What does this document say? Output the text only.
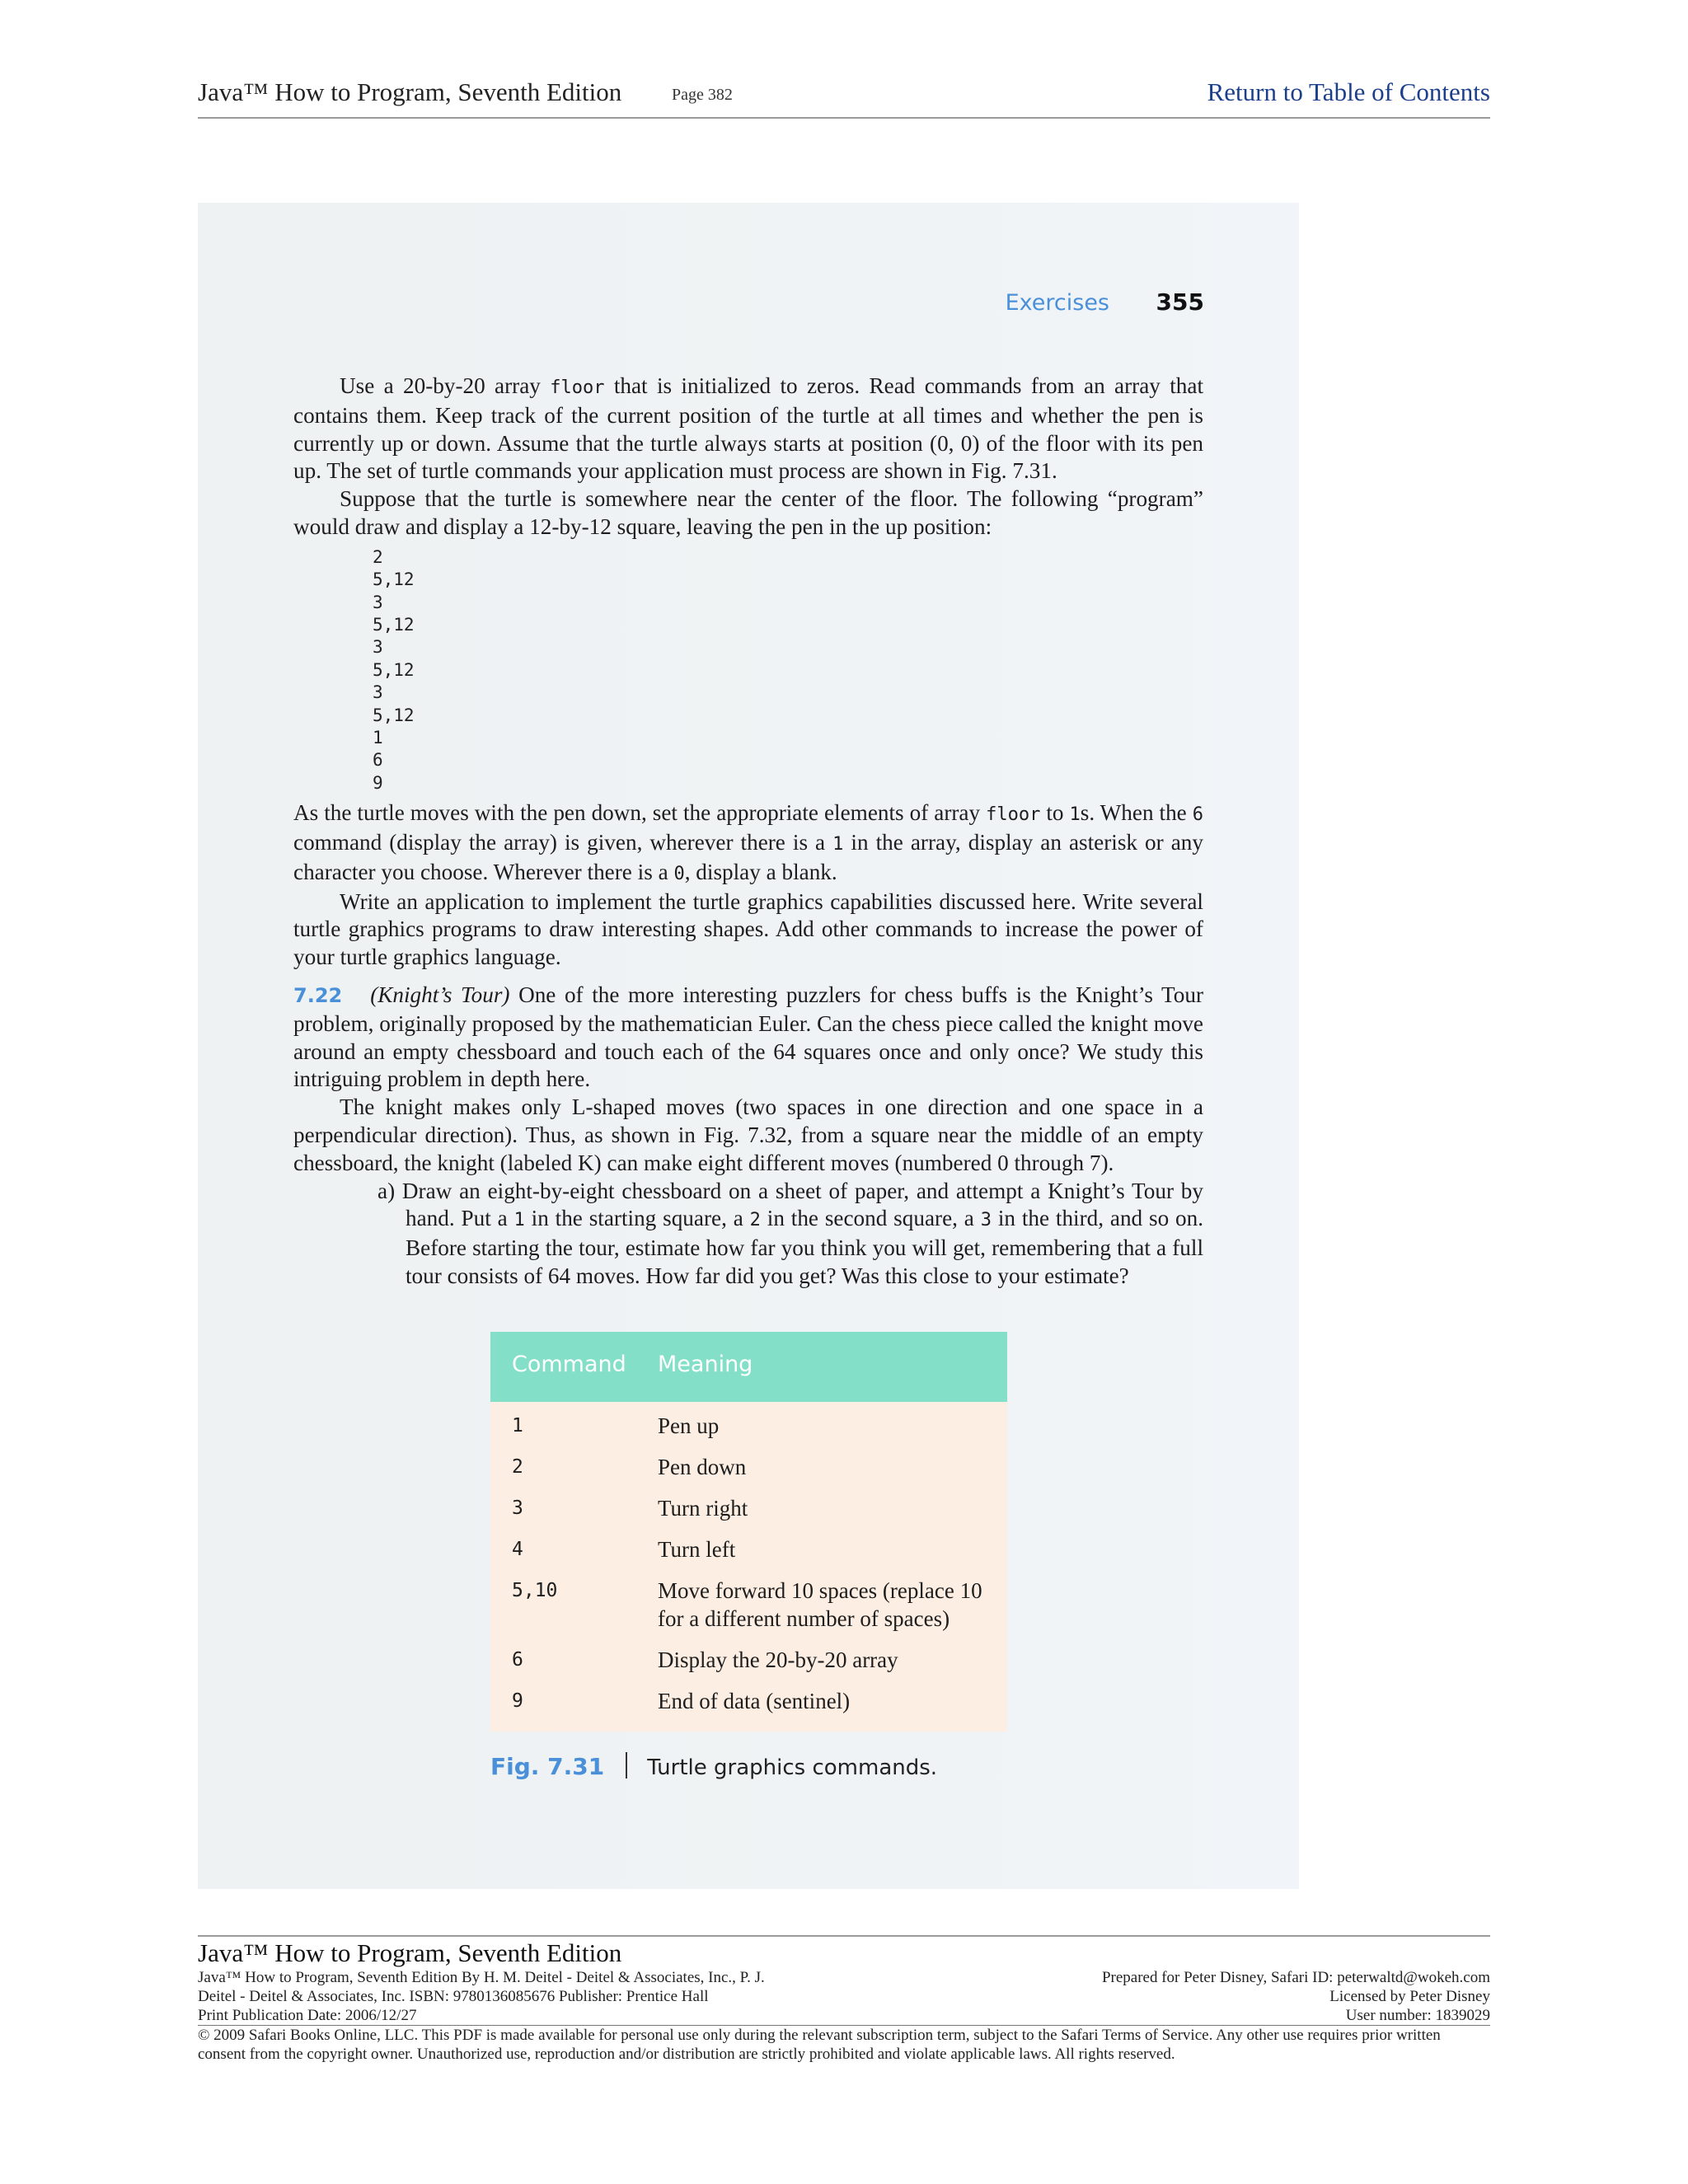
Java™ How to Program, Seventh Edition	Page 382	Return to Table of Contents
Exercises 355

Use a 20-by-20 array floor that is initialized to zeros. Read commands from an array that contains them. Keep track of the current position of the turtle at all times and whether the pen is currently up or down. Assume that the turtle always starts at position (0, 0) of the floor with its pen up. The set of turtle commands your application must process are shown in Fig. 7.31.

Suppose that the turtle is somewhere near the center of the floor. The following “program” would draw and display a 12-by-12 square, leaving the pen in the up position:

2
5,12
3
5,12
3
5,12
3
5,12
1
6
9

As the turtle moves with the pen down, set the appropriate elements of array floor to 1s. When the 6 command (display the array) is given, wherever there is a 1 in the array, display an asterisk or any character you choose. Wherever there is a 0, display a blank.

Write an application to implement the turtle graphics capabilities discussed here. Write several turtle graphics programs to draw interesting shapes. Add other commands to increase the power of your turtle graphics language.

7.22 (Knight’s Tour) One of the more interesting puzzlers for chess buffs is the Knight’s Tour problem, originally proposed by the mathematician Euler. Can the chess piece called the knight move around an empty chessboard and touch each of the 64 squares once and only once? We study this intriguing problem in depth here.

The knight makes only L-shaped moves (two spaces in one direction and one space in a perpendicular direction). Thus, as shown in Fig. 7.32, from a square near the middle of an empty chessboard, the knight (labeled K) can make eight different moves (numbered 0 through 7).

a) Draw an eight-by-eight chessboard on a sheet of paper, and attempt a Knight’s Tour by hand. Put a 1 in the starting square, a 2 in the second square, a 3 in the third, and so on. Before starting the tour, estimate how far you think you will get, remembering that a full tour consists of 64 moves. How far did you get? Was this close to your estimate?

Command Meaning
1	Pen up
2	Pen down
3	Turn right
4	Turn left
5,10	Move forward 10 spaces (replace 10 for a different number of spaces)
6	Display the 20-by-20 array
9	End of data (sentinel)
Fig. 7.31 Turtle graphics commands.
Java™ How to Program, Seventh Edition
Java™ How to Program, Seventh Edition By H. M. Deitel - Deitel & Associates, Inc., P. J.
Deitel - Deitel & Associates, Inc. ISBN: 9780136085676 Publisher: Prentice Hall
Prepared for Peter Disney, Safari ID: peterwaltd@wokeh.com
Licensed by Peter Disney
Print Publication Date: 2006/12/27	User number: 1839029
© 2009 Safari Books Online, LLC. This PDF is made available for personal use only during the relevant subscription term, subject to the Safari Terms of Service. Any other use requires prior written consent from the copyright owner. Unauthorized use, reproduction and/or distribution are strictly prohibited and violate applicable laws. All rights reserved.
